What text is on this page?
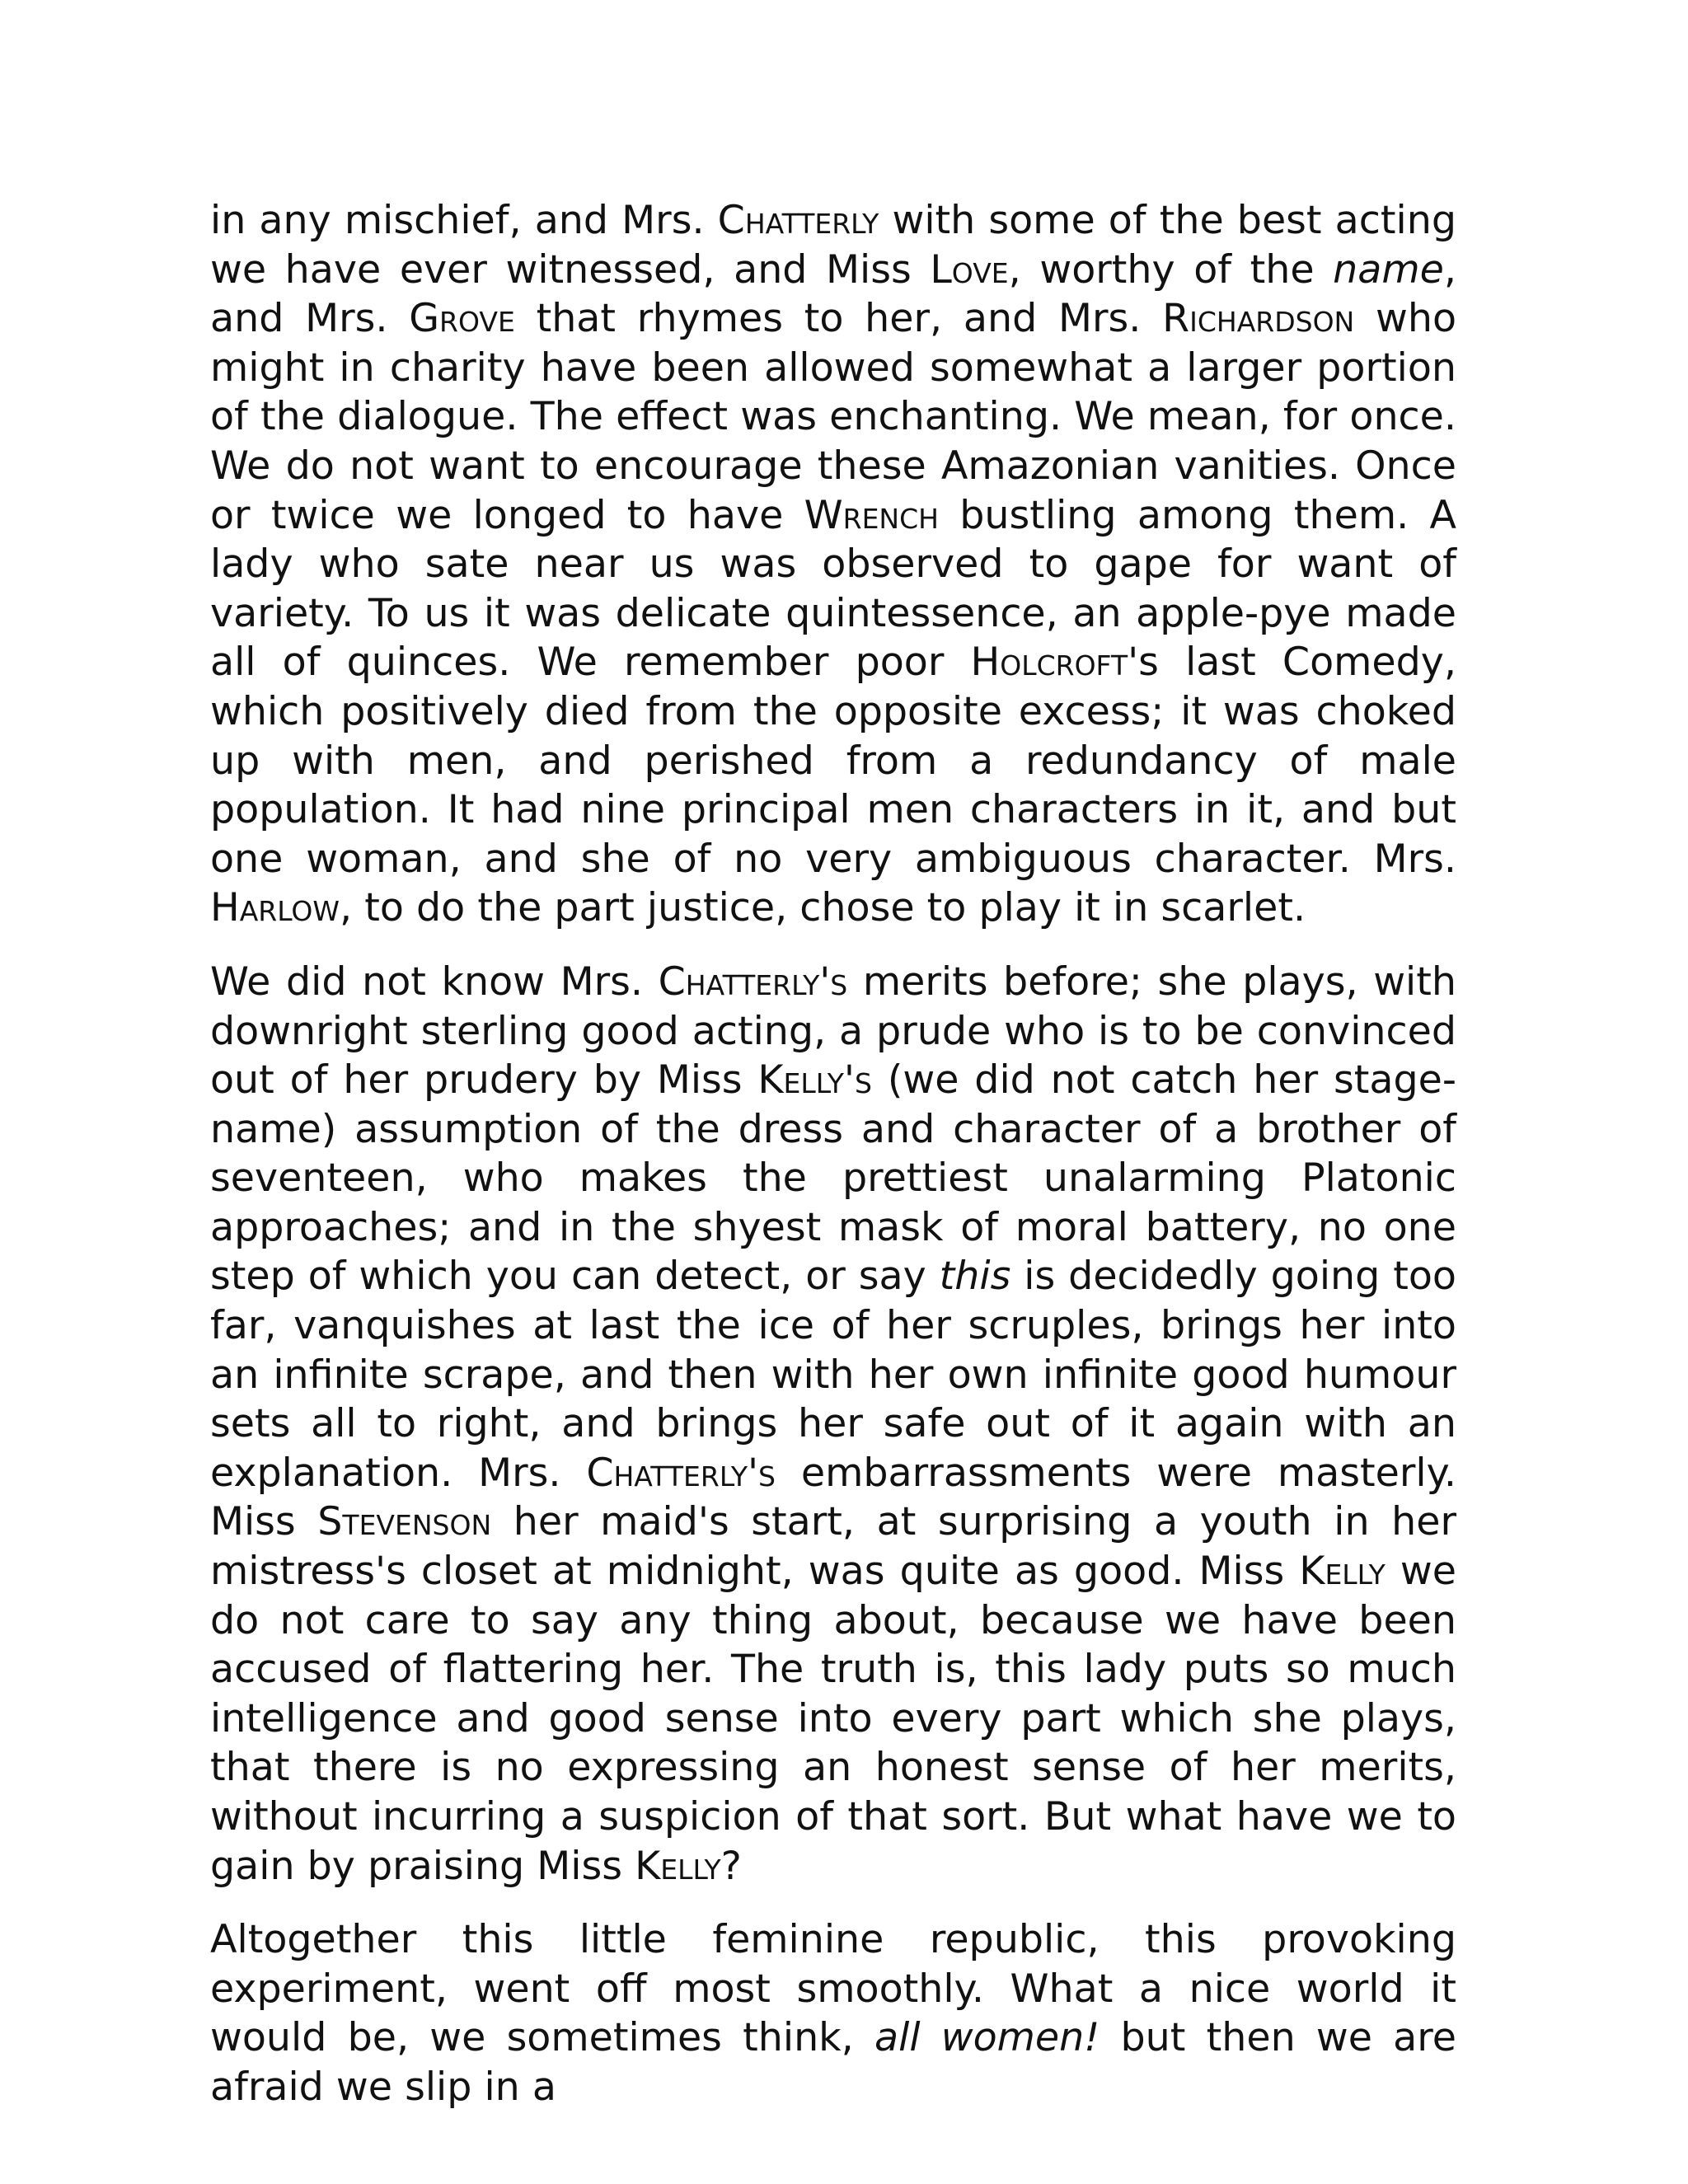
in any mischief, and Mrs. Chatterly with some of the best acting we have ever witnessed, and Miss Love, worthy of the name, and Mrs. Grove that rhymes to her, and Mrs. Richardson who might in charity have been allowed somewhat a larger portion of the dialogue. The effect was enchanting. We mean, for once. We do not want to encourage these Amazonian vanities. Once or twice we longed to have Wrench bustling among them. A lady who sate near us was observed to gape for want of variety. To us it was delicate quintessence, an apple-pye made all of quinces. We remember poor Holcroft's last Comedy, which positively died from the opposite excess; it was choked up with men, and perished from a redundancy of male population. It had nine principal men characters in it, and but one woman, and she of no very ambiguous character. Mrs. Harlow, to do the part justice, chose to play it in scarlet.

We did not know Mrs. Chatterly's merits before; she plays, with downright sterling good acting, a prude who is to be convinced out of her prudery by Miss Kelly's (we did not catch her stage-name) assumption of the dress and character of a brother of seventeen, who makes the prettiest unalarming Platonic approaches; and in the shyest mask of moral battery, no one step of which you can detect, or say this is decidedly going too far, vanquishes at last the ice of her scruples, brings her into an infinite scrape, and then with her own infinite good humour sets all to right, and brings her safe out of it again with an explanation. Mrs. Chatterly's embarrassments were masterly. Miss Stevenson her maid's start, at surprising a youth in her mistress's closet at midnight, was quite as good. Miss Kelly we do not care to say any thing about, because we have been accused of flattering her. The truth is, this lady puts so much intelligence and good sense into every part which she plays, that there is no expressing an honest sense of her merits, without incurring a suspicion of that sort. But what have we to gain by praising Miss Kelly?

Altogether this little feminine republic, this provoking experiment, went off most smoothly. What a nice world it would be, we sometimes think, all women! but then we are afraid we slip in a
